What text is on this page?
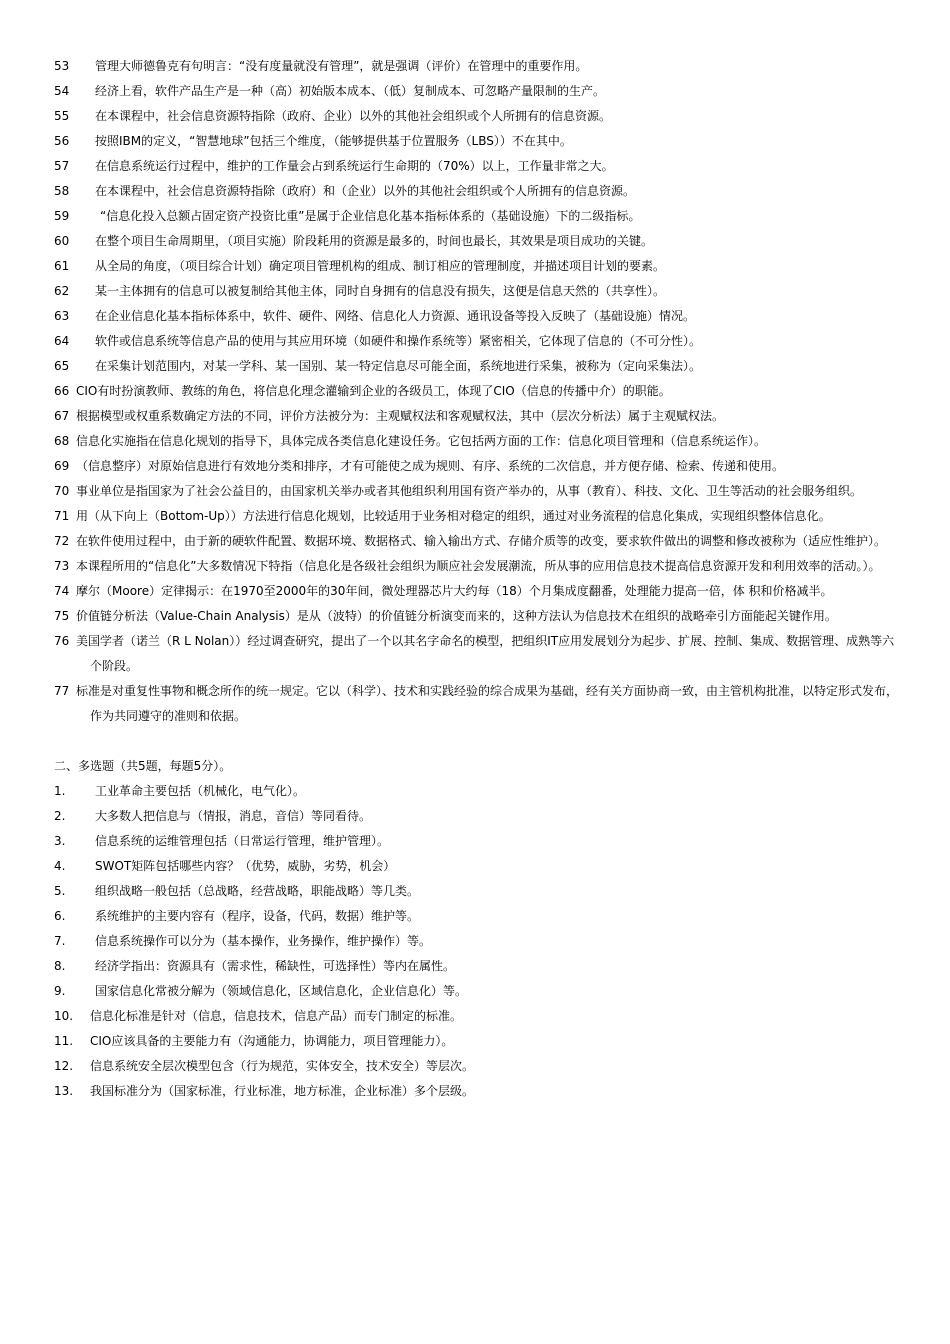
53 管理大师德鲁克有句明言：“没有度量就没有管理”，就是强调（评价）在管理中的重要作用。
54 经济上看，软件产品生产是一种（高）初始版本成本、（低）复制成本、可忽略产量限制的生产。
55 在本课程中，社会信息资源特指除（政府、企业）以外的其他社会组织或个人所拥有的信息资源。
56 按照IBM的定义，“智慧地球”包括三个维度，（能够提供基于位置服务（LBS））不在其中。
57 在信息系统运行过程中，维护的工作量会占到系统运行生命期的（70%）以上，工作量非常之大。
58 在本课程中，社会信息资源特指除（政府）和（企业）以外的其他社会组织或个人所拥有的信息资源。
59	“信息化投入总额占固定资产投资比重”是属于企业信息化基本指标体系的（基础设施）下的二级指标。
60 在整个项目生命周期里，（项目实施）阶段耗用的资源是最多的，时间也最长，其效果是项目成功的关键。
61 从全局的角度，（项目综合计划）确定项目管理机构的组成、制订相应的管理制度，并描述项目计划的要素。
62 某一主体拥有的信息可以被复制给其他主体，同时自身拥有的信息没有损失，这便是信息天然的（共享性）。
63 在企业信息化基本指标体系中，软件、硬件、网络、信息化人力资源、通讯设备等投入反映了（基础设施）情况。
64 软件或信息系统等信息产品的使用与其应用环境（如硬件和操作系统等）紧密相关，它体现了信息的（不可分性）。
65 在采集计划范围内，对某一学科、某一国别、某一特定信息尽可能全面，系统地进行采集，被称为（定向采集法）。
66 CIO有时扮演教师、教练的角色，将信息化理念灌输到企业的各级员工，体现了CIO（信息的传播中介）的职能。
67 根据模型或权重系数确定方法的不同，评价方法被分为：主观赋权法和客观赋权法，其中（层次分析法）属于主观赋权法。
68 信息化实施指在信息化规划的指导下，具体完成各类信息化建设任务。它包括两方面的工作：信息化项目管理和（信息系统运作）。
69 （信息整序）对原始信息进行有效地分类和排序，才有可能使之成为规则、有序、系统的二次信息，并方便存储、检索、传递和使用。
70 事业单位是指国家为了社会公益目的，由国家机关举办或者其他组织利用国有资产举办的，从事（教育）、科技、文化、卫生等活动的社会服务组织。
71 用（从下向上（Bottom-Up））方法进行信息化规划，比较适用于业务相对稳定的组织，通过对业务流程的信息化集成，实现组织整体信息化。
72 在软件使用过程中，由于新的硬软件配置、数据环境、数据格式、输入输出方式、存储介质等的改变，要求软件做出的调整和修改被称为（适应性维护）。
73 本课程所用的“信息化”大多数情况下特指（信息化是各级社会组织为顺应社会发展潮流，所从事的应用信息技术提高信息资源开发和利用效率的活动。）。
74 摩尔（Moore）定律揭示：在1970至2000年的30年间，微处理器芯片大约每（18）个月集成度翻番，处理能力提高一倍，体 积和价格减半。
75 价值链分析法（Value-Chain Analysis）是从（波特）的价值链分析演变而来的，这种方法认为信息技术在组织的战略牵引方面能起关键作用。
76 美国学者（诺兰（R L Nolan））经过调查研究，提出了一个以其名字命名的模型，把组织IT应用发展划分为起步、扩展、控制、集成、数据管理、成熟等六个阶段。
77 标准是对重复性事物和概念所作的统一规定。它以（科学）、技术和实践经验的综合成果为基础，经有关方面协商一致，由主管机构批准，以特定形式发布，作为共同遵守的准则和依据。
二、多选题（共5题，每题5分）。
1. 工业革命主要包括（机械化，电气化）。
2. 大多数人把信息与（情报，消息，音信）等同看待。
3. 信息系统的运维管理包括（日常运行管理，维护管理）。
4. SWOT矩阵包括哪些内容？（优势，威胁，劣势，机会）
5. 组织战略一般包括（总战略，经营战略，职能战略）等几类。
6. 系统维护的主要内容有（程序，设备，代码，数据）维护等。
7. 信息系统操作可以分为（基本操作，业务操作，维护操作）等。
8. 经济学指出：资源具有（需求性，稀缺性，可选择性）等内在属性。
9. 国家信息化常被分解为（领域信息化，区域信息化，企业信息化）等。
10. 信息化标准是针对（信息，信息技术，信息产品）而专门制定的标准。
11. CIO应该具备的主要能力有（沟通能力，协调能力，项目管理能力）。
12. 信息系统安全层次模型包含（行为规范，实体安全，技术安全）等层次。
13. 我国标准分为（国家标准，行业标准，地方标准，企业标准）多个层级。
